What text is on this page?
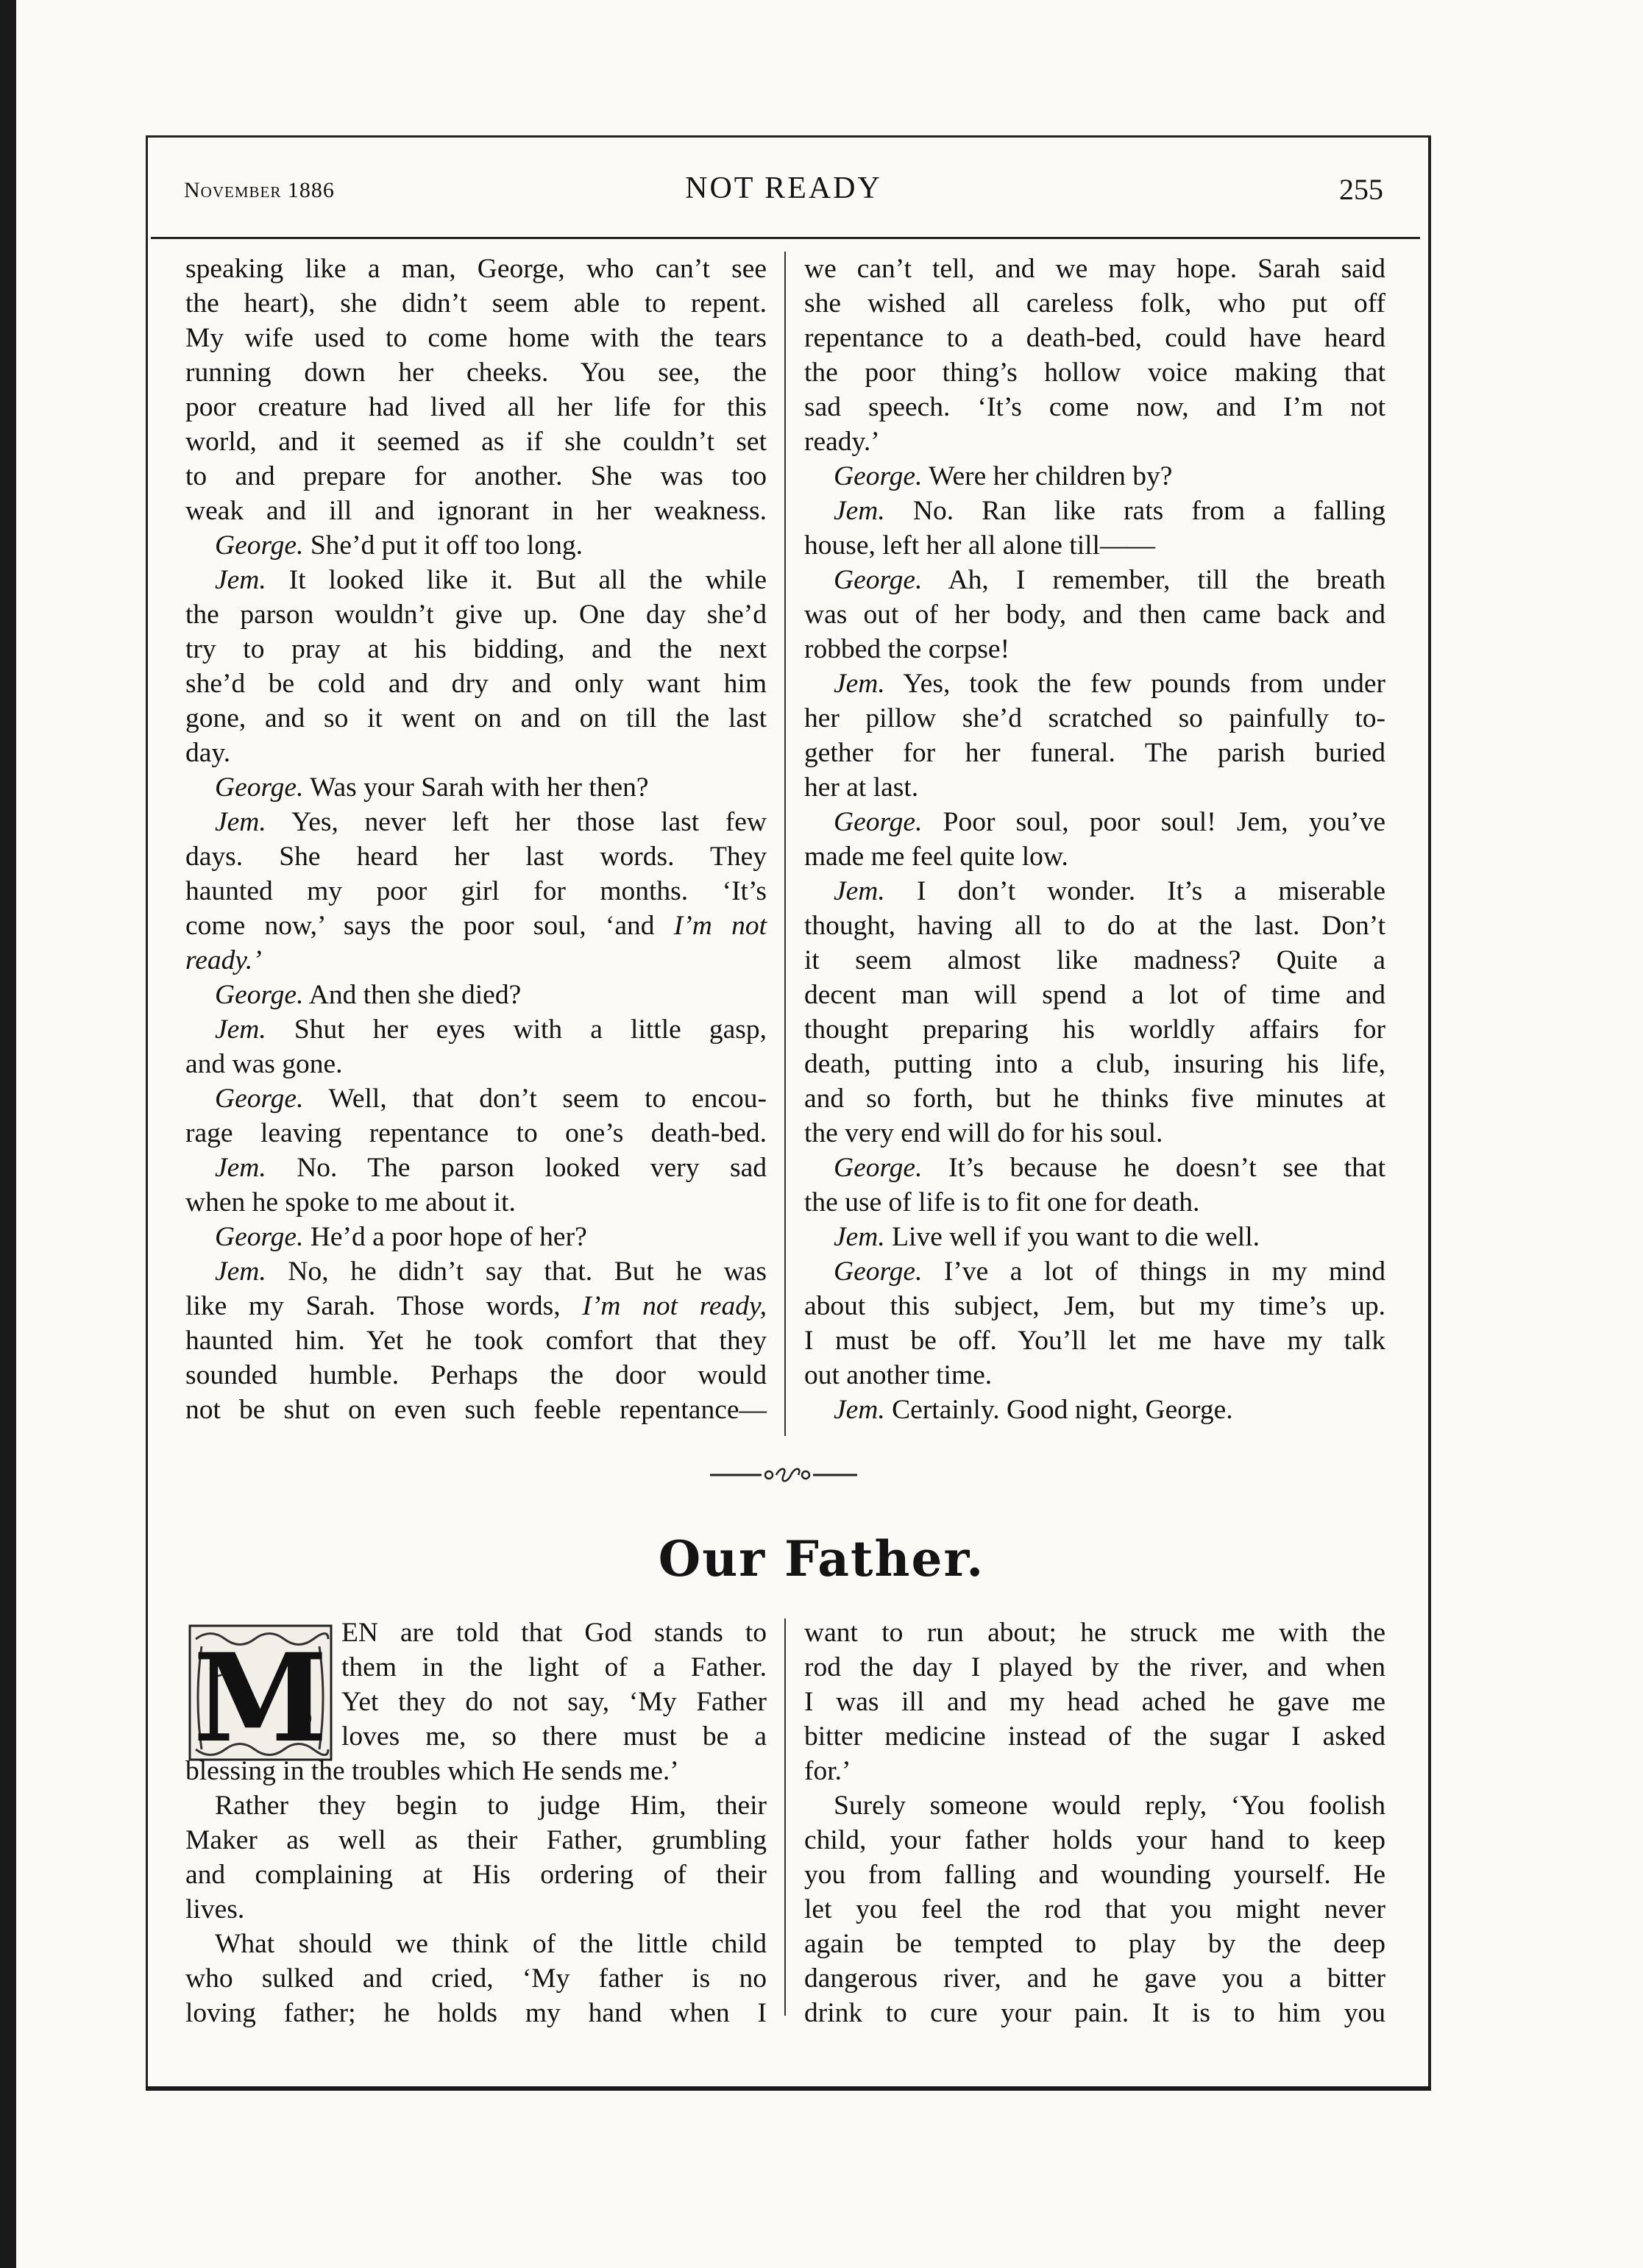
November 1886	NOT READY	255
speaking like a man, George, who can’t see
the heart), she didn’t seem able to repent.
My wife used to come home with the tears
running down her cheeks. You see, the
poor creature had lived all her life for this
world, and it seemed as if she couldn’t set
to and prepare for another. She was too
weak and ill and ignorant in her weakness.
George. She’d put it off too long.
Jem. It looked like it. But all the while
the parson wouldn’t give up. One day she’d
try to pray at his bidding, and the next
she’d be cold and dry and only want him
gone, and so it went on and on till the last
day.
George. Was your Sarah with her then?
Jem. Yes, never left her those last few
days. She heard her last words. They
haunted my poor girl for months. ‘It’s
come now,’ says the poor soul, ‘and I’m not
ready.’
George. And then she died?
Jem. Shut her eyes with a little gasp,
and was gone.
George. Well, that don’t seem to encou-
rage leaving repentance to one’s death-bed.
Jem. No. The parson looked very sad
when he spoke to me about it.
George. He’d a poor hope of her?
Jem. No, he didn’t say that. But he was
like my Sarah. Those words, I’m not ready,
haunted him. Yet he took comfort that they
sounded humble. Perhaps the door would
not be shut on even such feeble repentance—
we can’t tell, and we may hope. Sarah said
she wished all careless folk, who put off
repentance to a death-bed, could have heard
the poor thing’s hollow voice making that
sad speech. ‘It’s come now, and I’m not
ready.’
George. Were her children by?
Jem. No. Ran like rats from a falling
house, left her all alone till——
George. Ah, I remember, till the breath
was out of her body, and then came back and
robbed the corpse!
Jem. Yes, took the few pounds from under
her pillow she’d scratched so painfully to-
gether for her funeral. The parish buried
her at last.
George. Poor soul, poor soul! Jem, you’ve
made me feel quite low.
Jem. I don’t wonder. It’s a miserable
thought, having all to do at the last. Don’t
it seem almost like madness? Quite a
decent man will spend a lot of time and
thought preparing his worldly affairs for
death, putting into a club, insuring his life,
and so forth, but he thinks five minutes at
the very end will do for his soul.
George. It’s because he doesn’t see that
the use of life is to fit one for death.
Jem. Live well if you want to die well.
George. I’ve a lot of things in my mind
about this subject, Jem, but my time’s up.
I must be off. You’ll let me have my talk
out another time.
Jem. Certainly. Good night, George.
Our Father.
M EN are told that God stands to
them in the light of a Father.
Yet they do not say, ‘My Father
loves me, so there must be a
blessing in the troubles which He sends me.’
Rather they begin to judge Him, their
Maker as well as their Father, grumbling
and complaining at His ordering of their
lives.
What should we think of the little child
who sulked and cried, ‘My father is no
loving father; he holds my hand when I
want to run about; he struck me with the
rod the day I played by the river, and when
I was ill and my head ached he gave me
bitter medicine instead of the sugar I asked
for.’
Surely someone would reply, ‘You foolish
child, your father holds your hand to keep
you from falling and wounding yourself. He
let you feel the rod that you might never
again be tempted to play by the deep
dangerous river, and he gave you a bitter
drink to cure your pain. It is to him you
